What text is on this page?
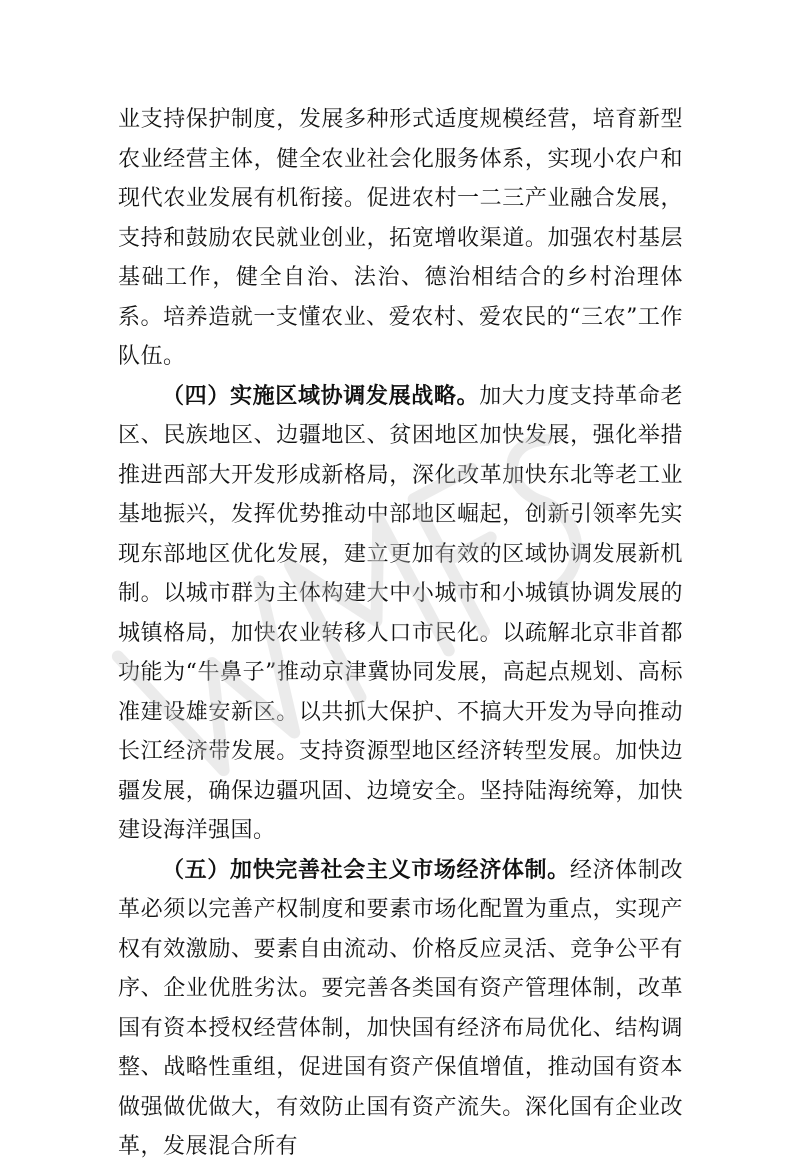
业支持保护制度，发展多种形式适度规模经营，培育新型农业经营主体，健全农业社会化服务体系，实现小农户和现代农业发展有机衔接。促进农村一二三产业融合发展，支持和鼓励农民就业创业，拓宽增收渠道。加强农村基层基础工作，健全自治、法治、德治相结合的乡村治理体系。培养造就一支懂农业、爱农村、爱农民的“三农”工作队伍。

（四）实施区域协调发展战略。加大力度支持革命老区、民族地区、边疆地区、贫困地区加快发展，强化举措推进西部大开发形成新格局，深化改革加快东北等老工业基地振兴，发挥优势推动中部地区崛起，创新引领率先实现东部地区优化发展，建立更加有效的区域协调发展新机制。以城市群为主体构建大中小城市和小城镇协调发展的城镇格局，加快农业转移人口市民化。以疏解北京非首都功能为“牛鼻子”推动京津冀协同发展，高起点规划、高标准建设雄安新区。以共抓大保护、不搞大开发为导向推动长江经济带发展。支持资源型地区经济转型发展。加快边疆发展，确保边疆巩固、边境安全。坚持陆海统筹，加快建设海洋强国。

（五）加快完善社会主义市场经济体制。经济体制改革必须以完善产权制度和要素市场化配置为重点，实现产权有效激励、要素自由流动、价格反应灵活、竞争公平有序、企业优胜劣汰。要完善各类国有资产管理体制，改革国有资本授权经营体制，加快国有经济布局优化、结构调整、战略性重组，促进国有资产保值增值，推动国有资本做强做优做大，有效防止国有资产流失。深化国有企业改革，发展混合所有
